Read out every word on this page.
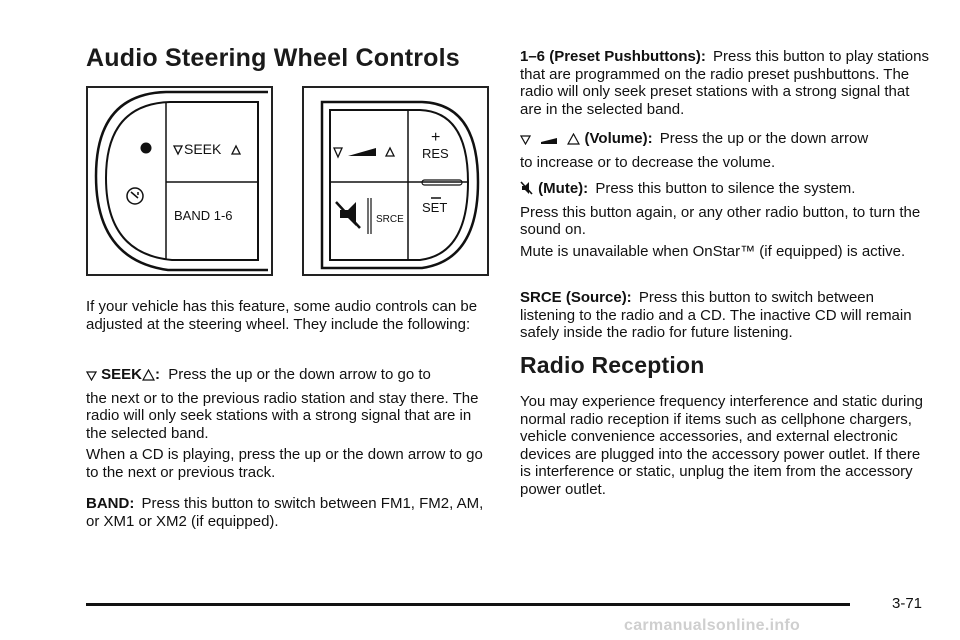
Audio Steering Wheel Controls
SEEK
BAND 1-6	SRCE
+
RES
SET
If your vehicle has this feature, some audio controls can be adjusted at the steering wheel. They include the following:
SEEK : Press the up or the down arrow to go to
the next or to the previous radio station and stay there. The radio will only seek stations with a strong signal that are in the selected band.
When a CD is playing, press the up or the down arrow to go to the next or previous track.
BAND: Press this button to switch between FM1, FM2, AM, or XM1 or XM2 (if equipped).
1–6 (Preset Pushbuttons): Press this button to play stations that are programmed on the radio preset pushbuttons. The radio will only seek preset stations with a strong signal that are in the selected band.
(Volume): Press the up or the down arrow
to increase or to decrease the volume.
(Mute): Press this button to silence the system.
Press this button again, or any other radio button, to turn the sound on.
Mute is unavailable when OnStar™ (if equipped) is active.
SRCE (Source): Press this button to switch between listening to the radio and a CD. The inactive CD will remain safely inside the radio for future listening.
Radio Reception
You may experience frequency interference and static during normal radio reception if items such as cellphone chargers, vehicle convenience accessories, and external electronic devices are plugged into the accessory power outlet. If there is interference or static, unplug the item from the accessory power outlet.
3-71
carmanualsonline.info
